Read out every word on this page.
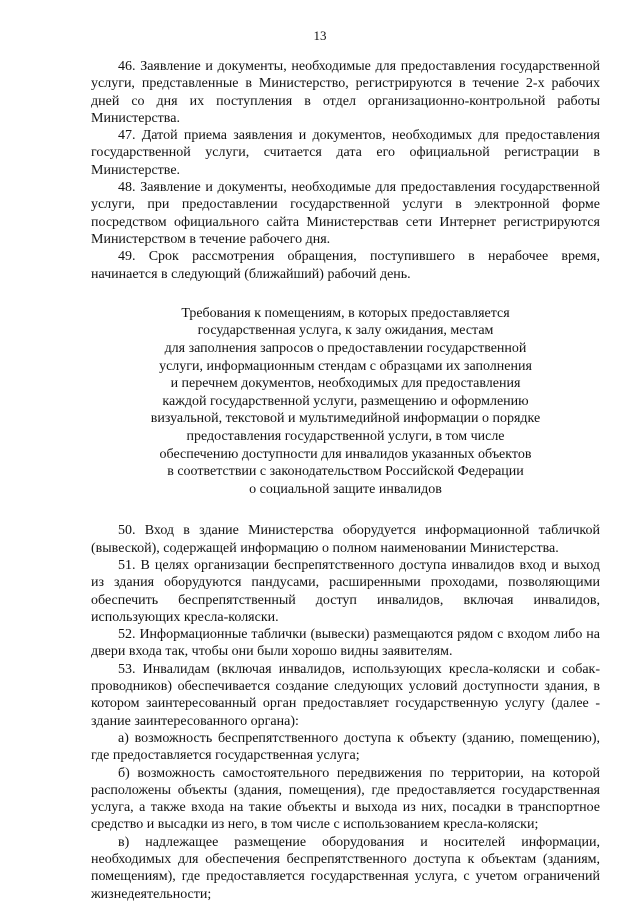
13

46. Заявление и документы, необходимые для предоставления государственной услуги, представленные в Министерство, регистрируются в течение 2-х рабочих дней со дня их поступления в отдел организационно-контрольной работы Министерства.

47. Датой приема заявления и документов, необходимых для предоставления государственной услуги, считается дата его официальной регистрации в Министерстве.

48. Заявление и документы, необходимые для предоставления государственной услуги, при предоставлении государственной услуги в электронной форме посредством официального сайта Министерствав сети Интернет регистрируются Министерством в течение рабочего дня.

49. Срок рассмотрения обращения, поступившего в нерабочее время, начинается в следующий (ближайший) рабочий день.

Требования к помещениям, в которых предоставляется
государственная услуга, к залу ожидания, местам
для заполнения запросов о предоставлении государственной
услуги, информационным стендам с образцами их заполнения
и перечнем документов, необходимых для предоставления
каждой государственной услуги, размещению и оформлению
визуальной, текстовой и мультимедийной информации о порядке
предоставления государственной услуги, в том числе
обеспечению доступности для инвалидов указанных объектов
в соответствии с законодательством Российской Федерации
о социальной защите инвалидов

50. Вход в здание Министерства оборудуется информационной табличкой (вывеской), содержащей информацию о полном наименовании Министерства.

51. В целях организации беспрепятственного доступа инвалидов вход и выход из здания оборудуются пандусами, расширенными проходами, позволяющими обеспечить беспрепятственный доступ инвалидов, включая инвалидов, использующих кресла-коляски.

52. Информационные таблички (вывески) размещаются рядом с входом либо на двери входа так, чтобы они были хорошо видны заявителям.

53. Инвалидам (включая инвалидов, использующих кресла-коляски и собак-проводников) обеспечивается создание следующих условий доступности здания, в котором заинтересованный орган предоставляет государственную услугу (далее - здание заинтересованного органа):

а) возможность беспрепятственного доступа к объекту (зданию, помещению), где предоставляется государственная услуга;

б) возможность самостоятельного передвижения по территории, на которой расположены объекты (здания, помещения), где предоставляется государственная услуга, а также входа на такие объекты и выхода из них, посадки в транспортное средство и высадки из него, в том числе с использованием кресла-коляски;

в) надлежащее размещение оборудования и носителей информации, необходимых для обеспечения беспрепятственного доступа к объектам (зданиям, помещениям), где предоставляется государственная услуга, с учетом ограничений жизнедеятельности;
